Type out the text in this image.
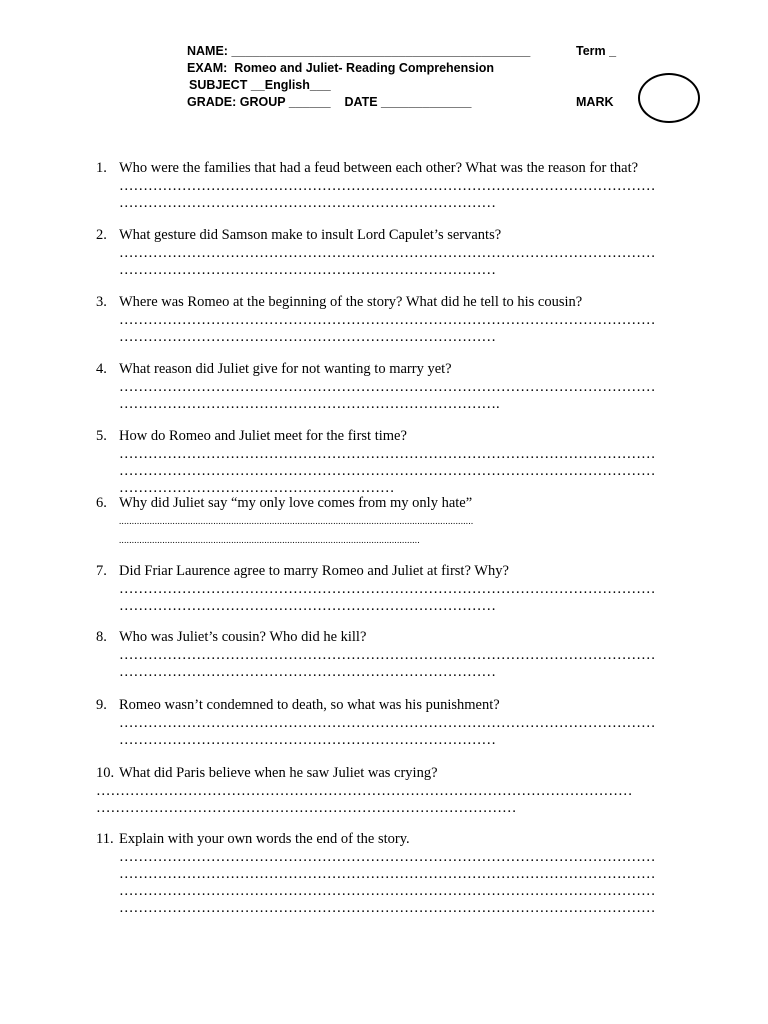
NAME: ___________________________________________	Term _
EXAM:  Romeo and Juliet- Reading Comprehension
SUBJECT __English___
GRADE: GROUP ______    DATE _____________	MARK
1. Who were the families that had a feud between each other? What was the reason for that?
…………………………………………………………………………………………………
……………………………………………………………………
2. What gesture did Samson make to insult Lord Capulet’s servants?
…………………………………………………………………………………………………
……………………………………………………………………
3. Where was Romeo at the beginning of the story? What did he tell to his cousin?
…………………………………………………………………………………………………
……………………………………………………………………
4. What reason did Juliet give for not wanting to marry yet?
…………………………………………………………………………………………………
…………………………………………………………………….
5. How do Romeo and Juliet meet for the first time?
…………………………………………………………………………………………………
…………………………………………………………………………………………………
…………………………………………………
6. Why did Juliet say “my only love comes from my only hate”
...........................................................................................................................................
......................................................................................................................
7. Did Friar Laurence agree to marry Romeo and Juliet at first? Why?
…………………………………………………………………………………………………
……………………………………………………………………
8. Who was Juliet’s cousin? Who did he kill?
…………………………………………………………………………………………………
……………………………………………………………………
9. Romeo wasn’t condemned to death, so what was his punishment?
…………………………………………………………………………………………………
……………………………………………………………………
10. What did Paris believe when he saw Juliet was crying?
…………………………………………………………………………………………………
……………………………………………………………………………
11. Explain with your own words the end of the story.
…………………………………………………………………………………………………
…………………………………………………………………………………………………
…………………………………………………………………………………………………
…………………………………………………………………………………………………
